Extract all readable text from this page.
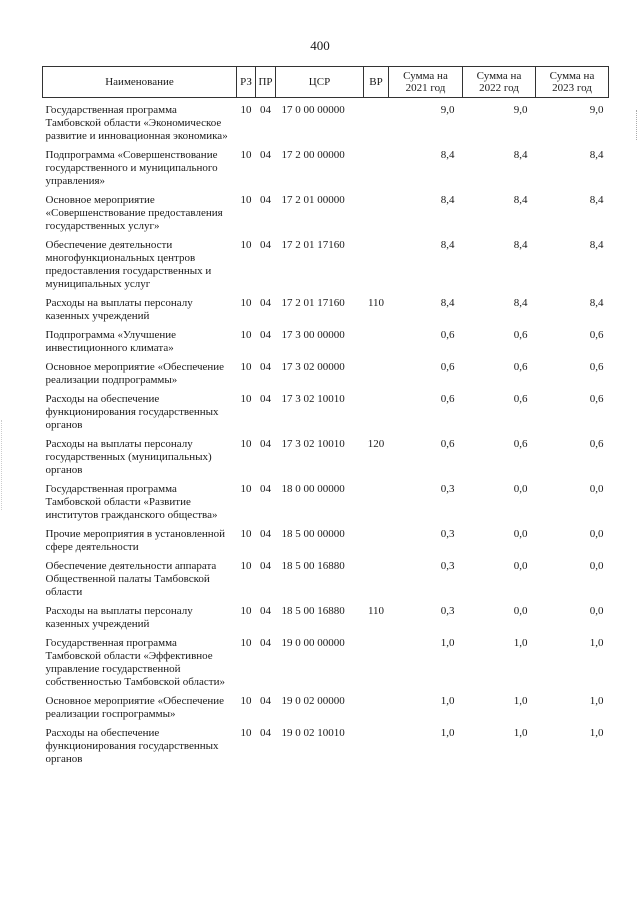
400
Наименование	РЗ	ПР	ЦСР	ВР	Сумма на 2021 год	Сумма на 2022 год	Сумма на 2023 год
Государственная программа Тамбовской области «Экономическое развитие и инновационная экономика»	10	04	17 0 00 00000		9,0	9,0	9,0
Подпрограмма «Совершенствование государственного и муниципального управления»	10	04	17 2 00 00000		8,4	8,4	8,4
Основное мероприятие «Совершенствование предоставления государственных услуг»	10	04	17 2 01 00000		8,4	8,4	8,4
Обеспечение деятельности многофункциональных центров предоставления государственных и муниципальных услуг	10	04	17 2 01 17160		8,4	8,4	8,4
Расходы на выплаты персоналу казенных учреждений	10	04	17 2 01 17160	110	8,4	8,4	8,4
Подпрограмма «Улучшение инвестиционного климата»	10	04	17 3 00 00000		0,6	0,6	0,6
Основное мероприятие «Обеспечение реализации подпрограммы»	10	04	17 3 02 00000		0,6	0,6	0,6
Расходы на обеспечение функционирования государственных органов	10	04	17 3 02 10010		0,6	0,6	0,6
Расходы на выплаты персоналу государственных (муниципальных) органов	10	04	17 3 02 10010	120	0,6	0,6	0,6
Государственная программа Тамбовской области «Развитие институтов гражданского общества»	10	04	18 0 00 00000		0,3	0,0	0,0
Прочие мероприятия в установленной сфере деятельности	10	04	18 5 00 00000		0,3	0,0	0,0
Обеспечение деятельности аппарата Общественной палаты Тамбовской области	10	04	18 5 00 16880		0,3	0,0	0,0
Расходы на выплаты персоналу казенных учреждений	10	04	18 5 00 16880	110	0,3	0,0	0,0
Государственная программа Тамбовской области «Эффективное управление государственной собственностью Тамбовской области»	10	04	19 0 00 00000		1,0	1,0	1,0
Основное мероприятие «Обеспечение реализации госпрограммы»	10	04	19 0 02 00000		1,0	1,0	1,0
Расходы на обеспечение функционирования государственных органов	10	04	19 0 02 10010		1,0	1,0	1,0
